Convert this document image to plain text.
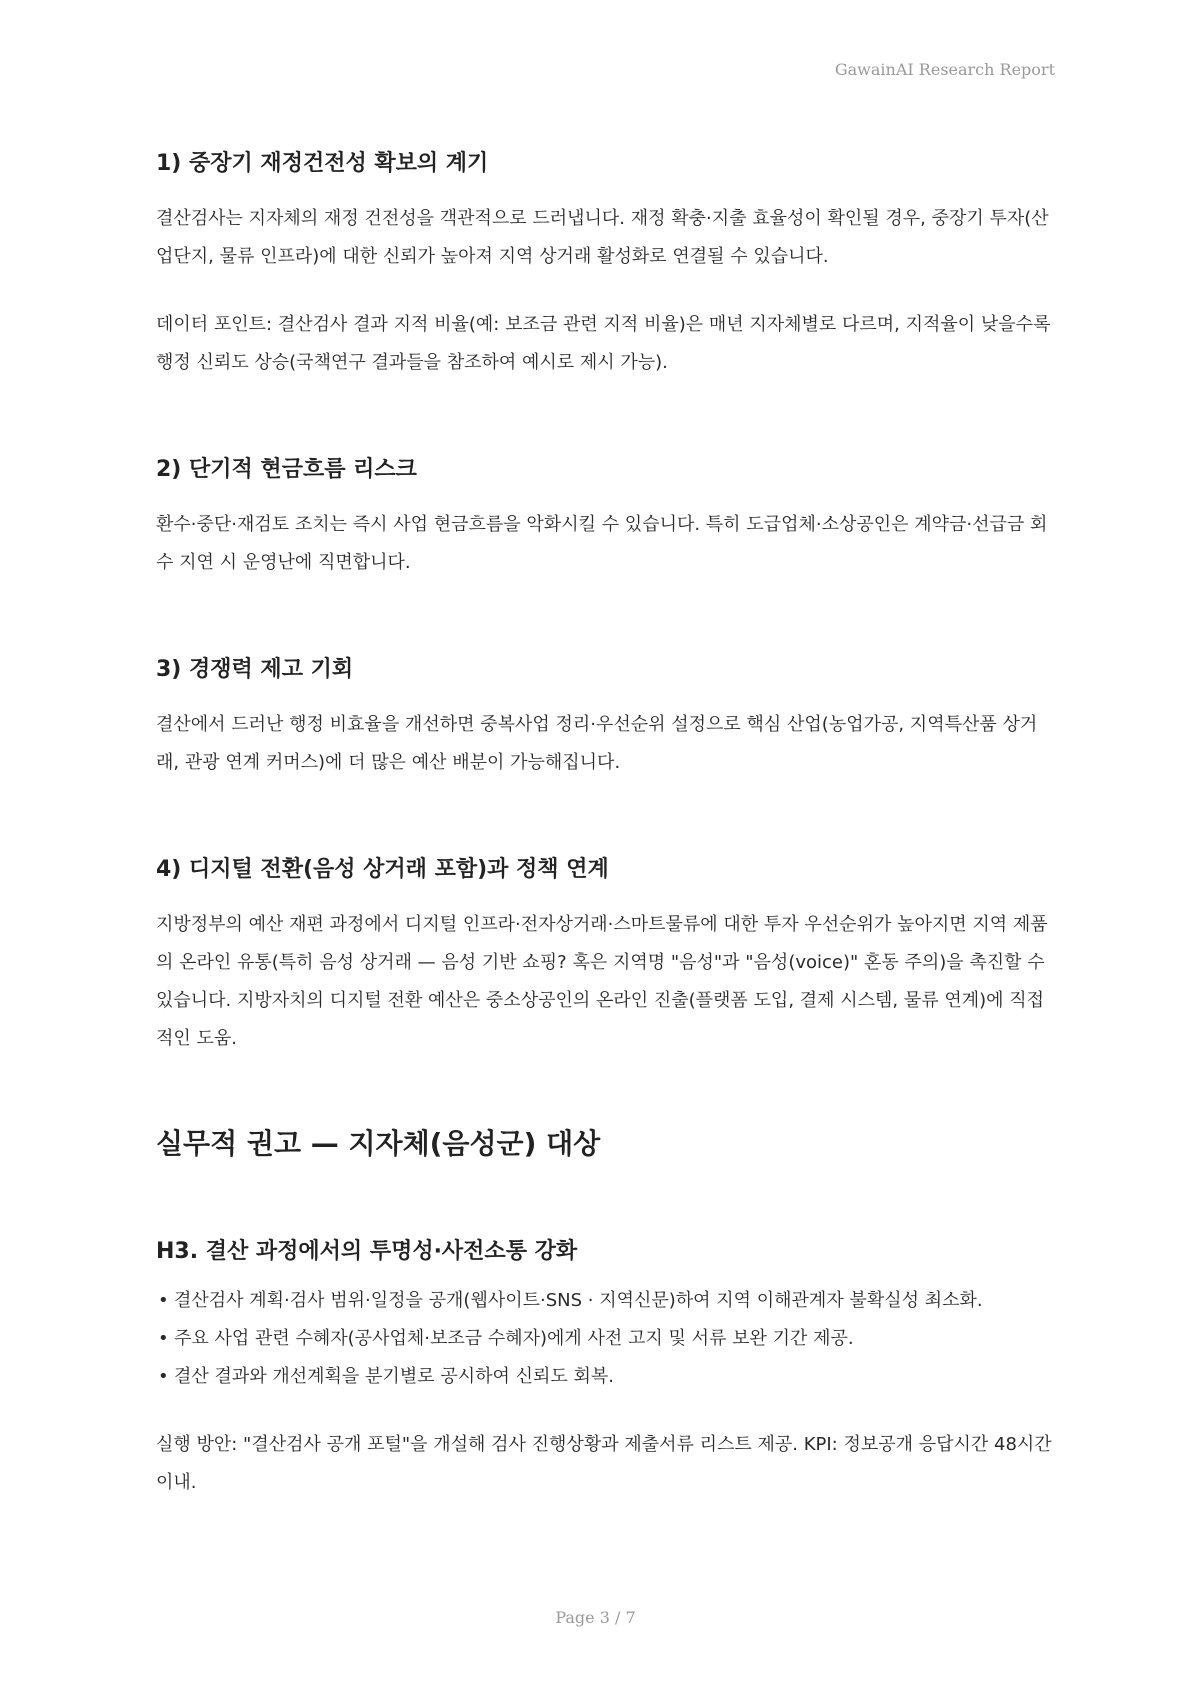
GawainAI Research Report
1) 중장기 재정건전성 확보의 계기

결산검사는 지자체의 재정 건전성을 객관적으로 드러냅니다. 재정 확충·지출 효율성이 확인될 경우, 중장기 투자(산업단지, 물류 인프라)에 대한 신뢰가 높아져 지역 상거래 활성화로 연결될 수 있습니다.

데이터 포인트: 결산검사 결과 지적 비율(예: 보조금 관련 지적 비율)은 매년 지자체별로 다르며, 지적율이 낮을수록 행정 신뢰도 상승(국책연구 결과들을 참조하여 예시로 제시 가능).

2) 단기적 현금흐름 리스크

환수·중단·재검토 조치는 즉시 사업 현금흐름을 악화시킬 수 있습니다. 특히 도급업체·소상공인은 계약금·선급금 회수 지연 시 운영난에 직면합니다.

3) 경쟁력 제고 기회

결산에서 드러난 행정 비효율을 개선하면 중복사업 정리·우선순위 설정으로 핵심 산업(농업가공, 지역특산품 상거래, 관광 연계 커머스)에 더 많은 예산 배분이 가능해집니다.

4) 디지털 전환(음성 상거래 포함)과 정책 연계

지방정부의 예산 재편 과정에서 디지털 인프라·전자상거래·스마트물류에 대한 투자 우선순위가 높아지면 지역 제품의 온라인 유통(특히 음성 상거래 — 음성 기반 쇼핑? 혹은 지역명 "음성"과 "음성(voice)" 혼동 주의)을 촉진할 수 있습니다. 지방자치의 디지털 전환 예산은 중소상공인의 온라인 진출(플랫폼 도입, 결제 시스템, 물류 연계)에 직접적인 도움.

실무적 권고 — 지자체(음성군) 대상
H3. 결산 과정에서의 투명성·사전소통 강화
• 결산검사 계획·검사 범위·일정을 공개(웹사이트·SNS · 지역신문)하여 지역 이해관계자 불확실성 최소화.
• 주요 사업 관련 수혜자(공사업체·보조금 수혜자)에게 사전 고지 및 서류 보완 기간 제공.
• 결산 결과와 개선계획을 분기별로 공시하여 신뢰도 회복.

실행 방안: "결산검사 공개 포털"을 개설해 검사 진행상황과 제출서류 리스트 제공. KPI: 정보공개 응답시간 48시간 이내.

Page 3 / 7
